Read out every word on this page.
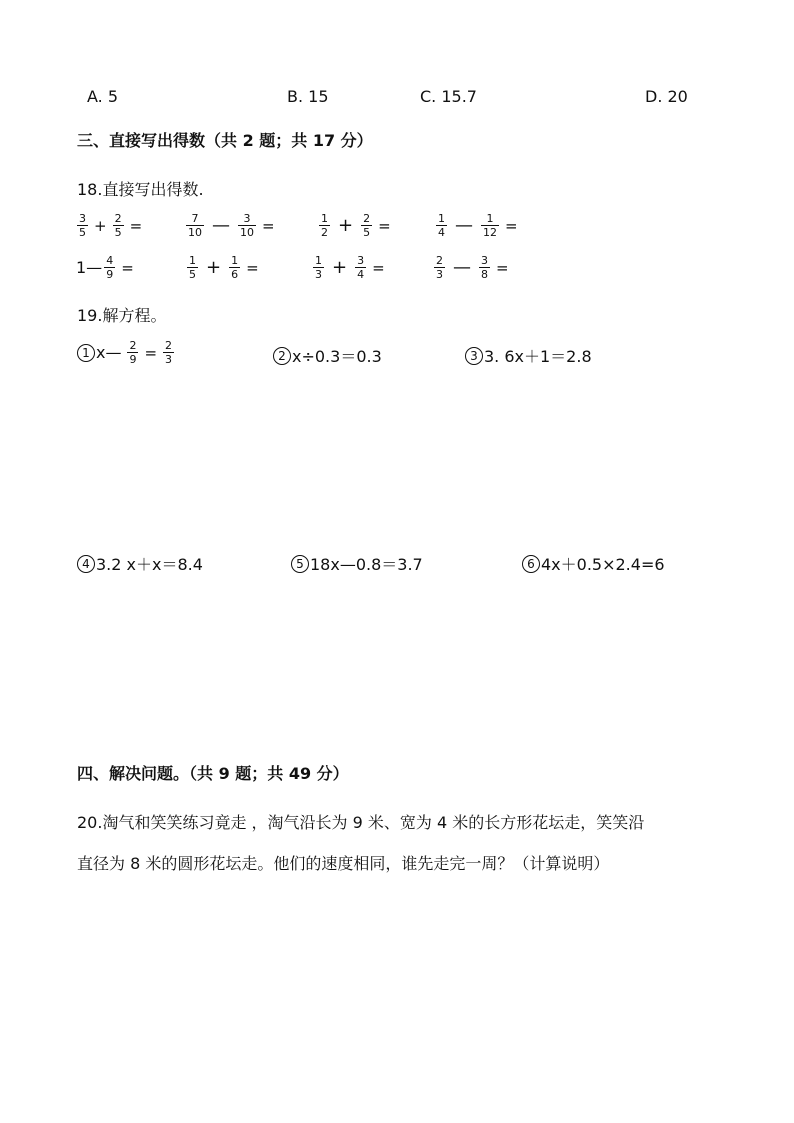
A. 5	B. 15	C. 15.7	D. 20
三、直接写出得数（共 2 题；共 17 分）
18.直接写出得数.
$\frac{3}{5} + \frac{2}{5}$ =	$\frac{7}{10}$ — $\frac{3}{10}$ =	$\frac{1}{2} + \frac{2}{5}$ =	$\frac{1}{4}$ — $\frac{1}{12}$ =
1— $\frac{4}{9}$ =	$\frac{1}{5} + \frac{1}{6}$ =	$\frac{1}{3} + \frac{3}{4}$ =	$\frac{2}{3}$ — $\frac{3}{8}$ =
19.解方程。
1 x— $\frac{2}{9} = \frac{2}{3}$	2 x÷0.3＝0.3	3 3. 6x＋1＝2.8
4 3.2 x＋x＝8.4	5 18x—0.8＝3.7	6 4x＋0.5×2.4=6
四、解决问题。（共 9 题；共 49 分）
20.淘气和笑笑练习竟走 ，淘气沿长为 9 米、宽为 4 米的长方形花坛走，笑笑沿
直径为 8 米的圆形花坛走。他们的速度相同，谁先走完一周？（计算说明）
